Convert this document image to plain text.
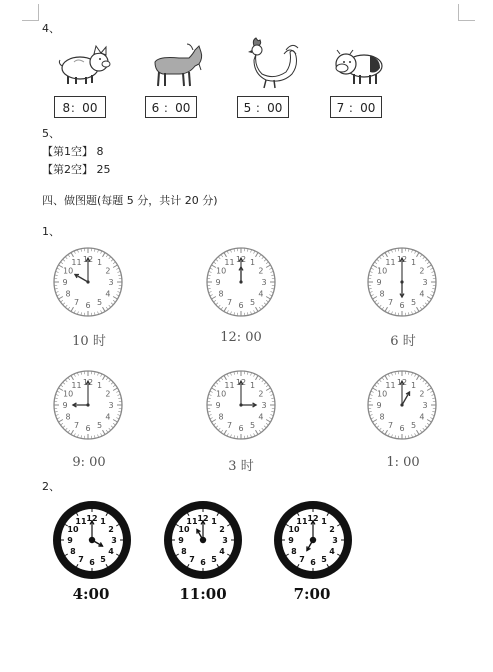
4、
8：00	6 ：00	5 ：00	7 ：00
5、
【第1空】 8
【第2空】 25
四、做图题(每题 5 分，共计 20 分)
1、
12 1
2
3
4
5
6
7
8
9
10
11	12 1
2
3
4
5
6
7
8
9
10
11	12 1
2
3
4
5
6
7
8
9
10
11
10 时	12: 00	6 时
12 1
2
3
4
5
6
7
8
9
10
11	12 1
2
3
4
5
6
7
8
9
10
11	12 1
2
3
4
5
6
7
8
9
10
11
9: 00	3 时	1: 00
2、
12 1
2
3
4
5
6
7
8
9
10
11	12 1
2
3
4
5
6
7
8
9
10
11	12 1
2
3
4
5
6
7
8
9
10
11
4:00	11:00	7:00
